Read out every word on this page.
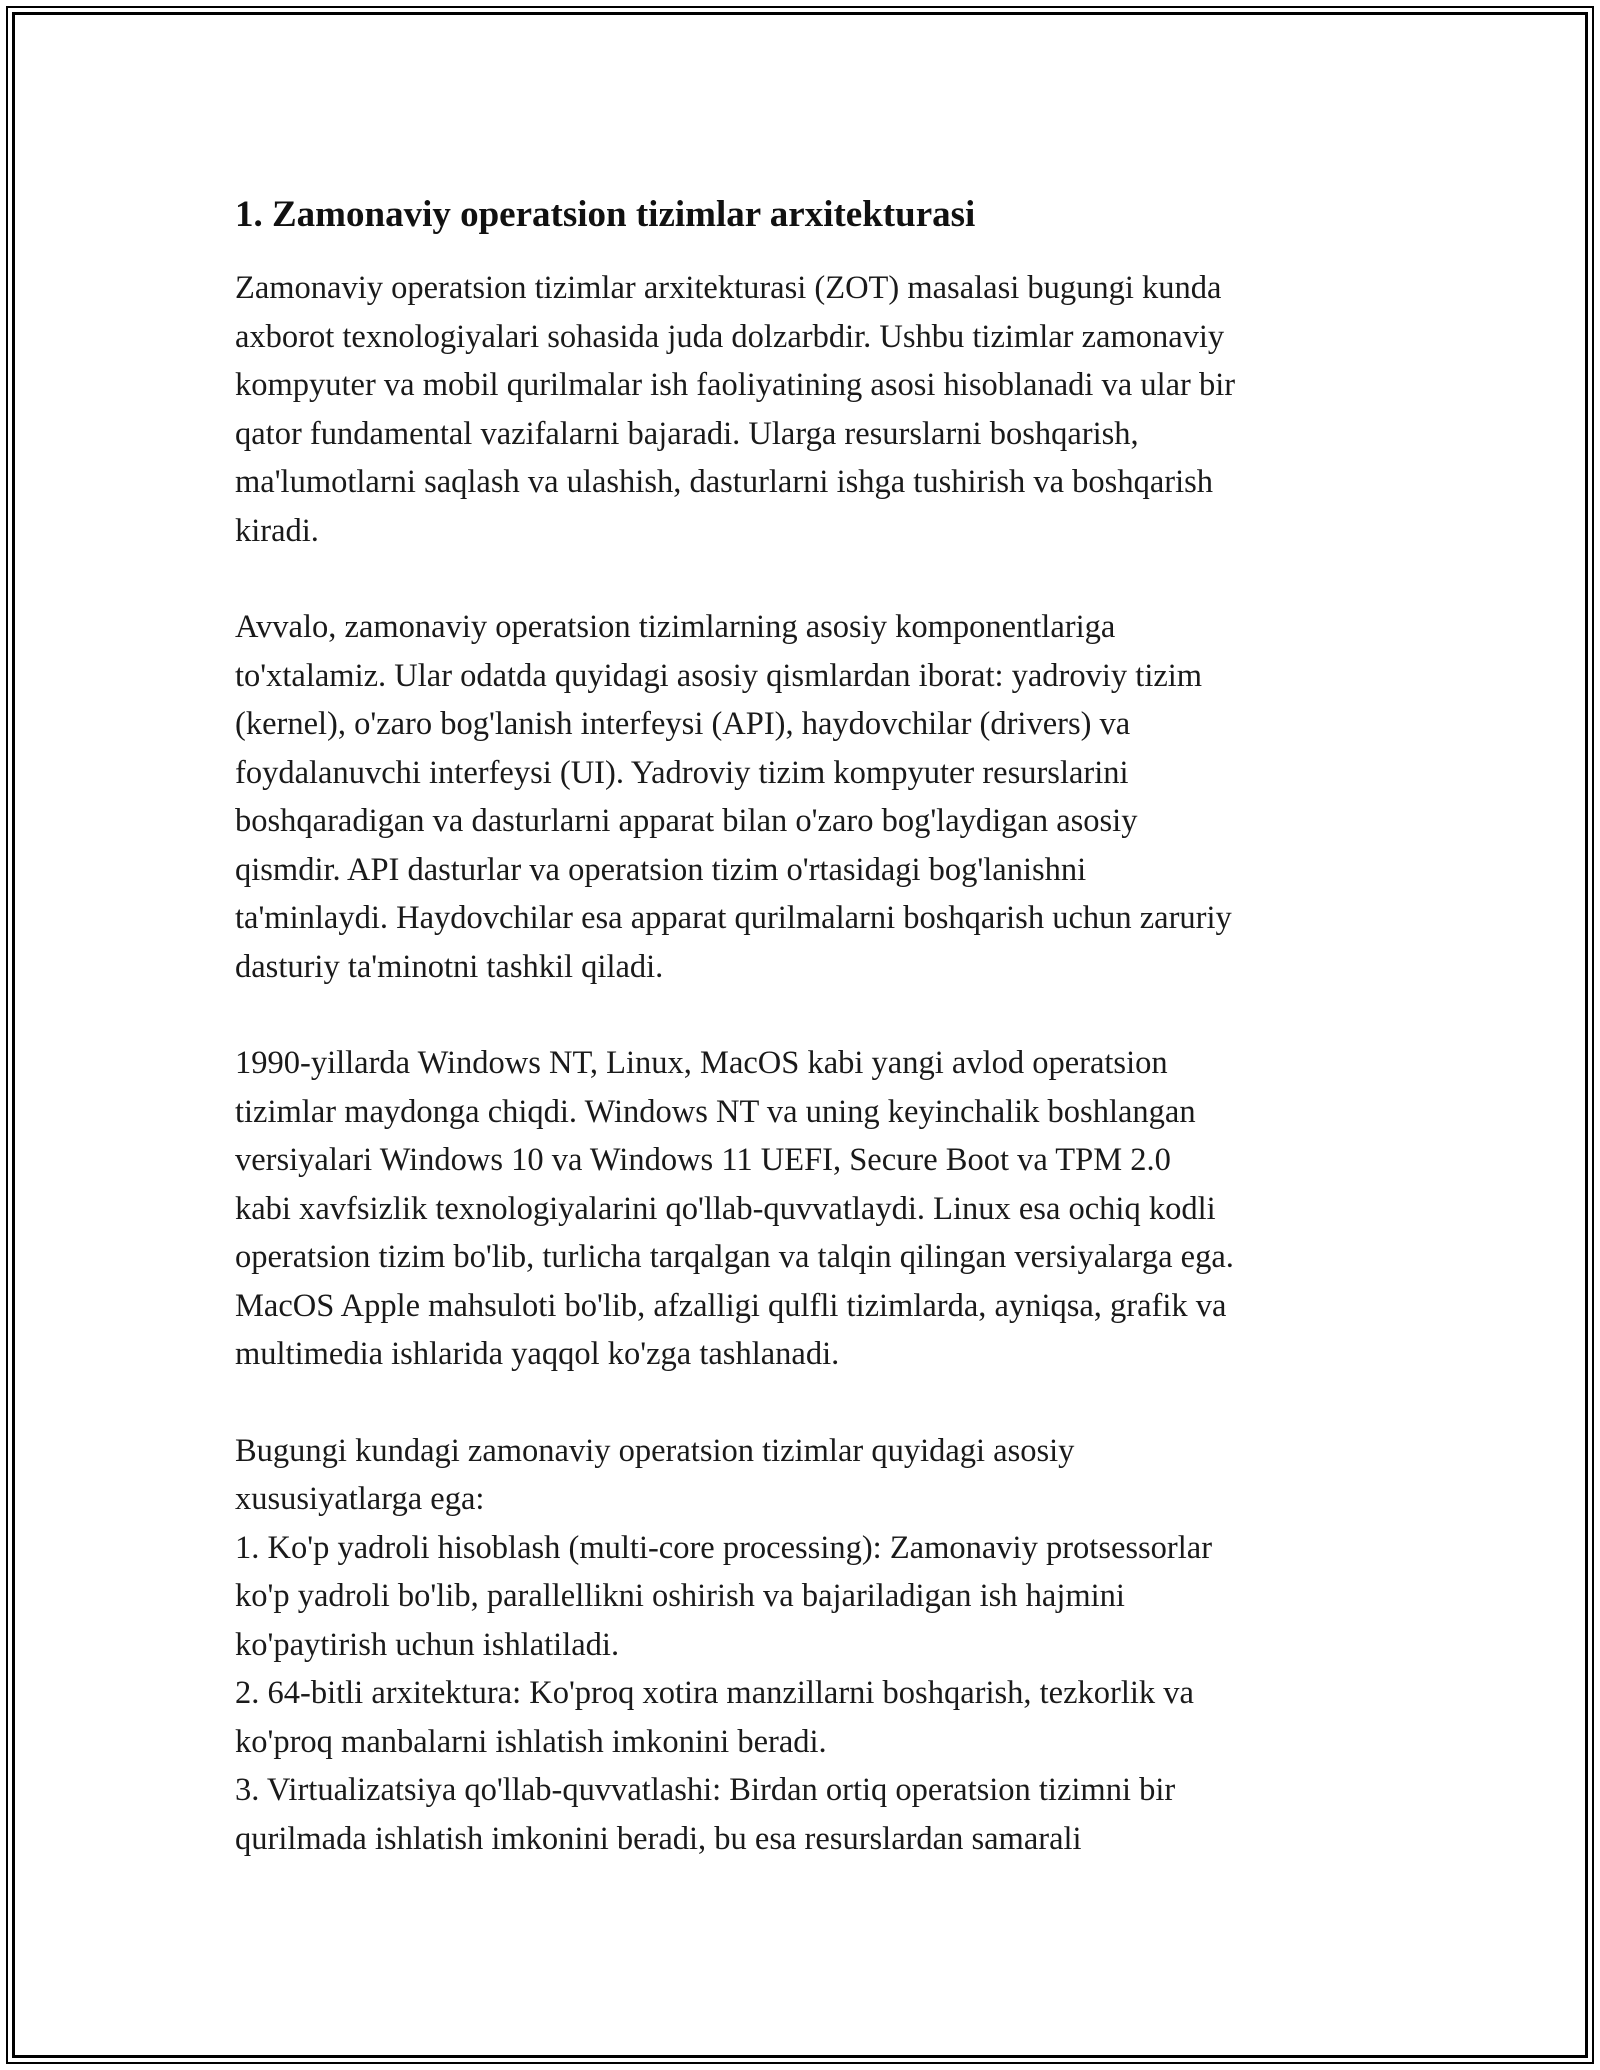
1. Zamonaviy operatsion tizimlar arxitekturasi

Zamonaviy operatsion tizimlar arxitekturasi (ZOT) masalasi bugungi kunda
axborot texnologiyalari sohasida juda dolzarbdir. Ushbu tizimlar zamonaviy
kompyuter va mobil qurilmalar ish faoliyatining asosi hisoblanadi va ular bir
qator fundamental vazifalarni bajaradi. Ularga resurslarni boshqarish,
ma'lumotlarni saqlash va ulashish, dasturlarni ishga tushirish va boshqarish
kiradi.

Avvalo, zamonaviy operatsion tizimlarning asosiy komponentlariga
to'xtalamiz. Ular odatda quyidagi asosiy qismlardan iborat: yadroviy tizim
(kernel), o'zaro bog'lanish interfeysi (API), haydovchilar (drivers) va
foydalanuvchi interfeysi (UI). Yadroviy tizim kompyuter resurslarini
boshqaradigan va dasturlarni apparat bilan o'zaro bog'laydigan asosiy
qismdir. API dasturlar va operatsion tizim o'rtasidagi bog'lanishni
ta'minlaydi. Haydovchilar esa apparat qurilmalarni boshqarish uchun zaruriy
dasturiy ta'minotni tashkil qiladi.

1990-yillarda Windows NT, Linux, MacOS kabi yangi avlod operatsion
tizimlar maydonga chiqdi. Windows NT va uning keyinchalik boshlangan
versiyalari Windows 10 va Windows 11 UEFI, Secure Boot va TPM 2.0
kabi xavfsizlik texnologiyalarini qo'llab-quvvatlaydi. Linux esa ochiq kodli
operatsion tizim bo'lib, turlicha tarqalgan va talqin qilingan versiyalarga ega.
MacOS Apple mahsuloti bo'lib, afzalligi qulfli tizimlarda, ayniqsa, grafik va
multimedia ishlarida yaqqol ko'zga tashlanadi.

Bugungi kundagi zamonaviy operatsion tizimlar quyidagi asosiy
xususiyatlarga ega:
1. Ko'p yadroli hisoblash (multi-core processing): Zamonaviy protsessorlar
ko'p yadroli bo'lib, parallellikni oshirish va bajariladigan ish hajmini
ko'paytirish uchun ishlatiladi.
2. 64-bitli arxitektura: Ko'proq xotira manzillarni boshqarish, tezkorlik va
ko'proq manbalarni ishlatish imkonini beradi.
3. Virtualizatsiya qo'llab-quvvatlashi: Birdan ortiq operatsion tizimni bir
qurilmada ishlatish imkonini beradi, bu esa resurslardan samarali
